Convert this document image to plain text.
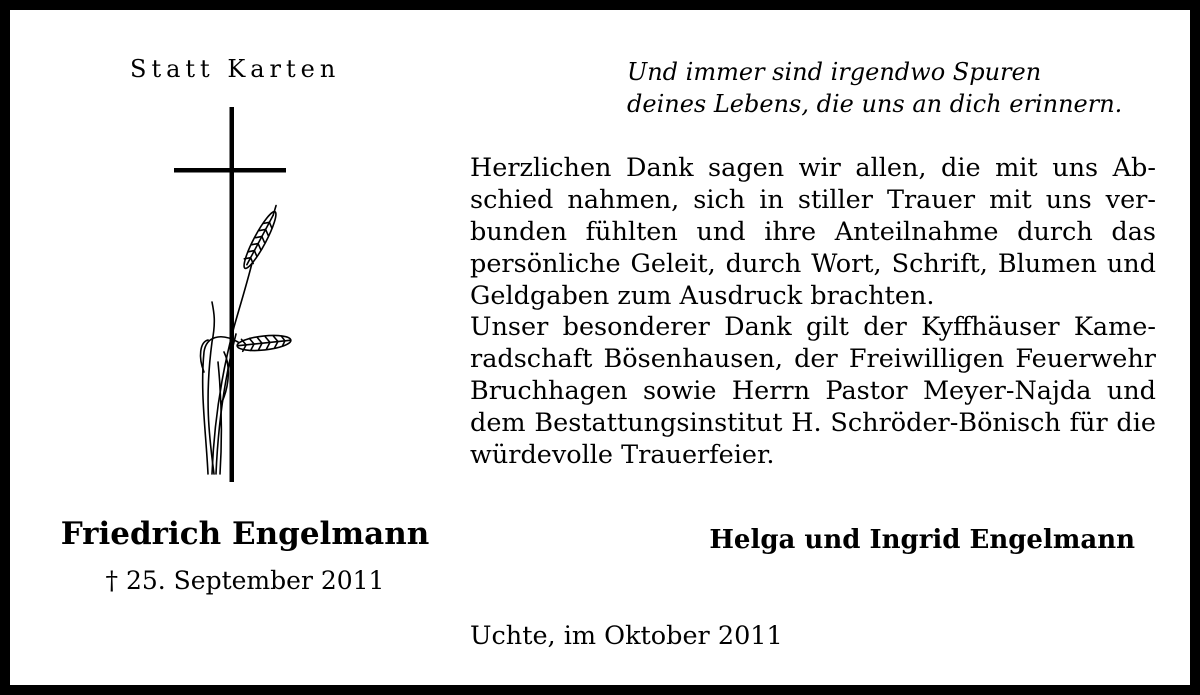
Statt Karten	Und immer sind irgendwo Spuren
deines Lebens, die uns an dich erinnern.
Herzlichen Dank sagen wir allen, die mit uns Ab-
schied nahmen, sich in stiller Trauer mit uns ver-
bunden fühlten und ihre Anteilnahme durch das
persönliche Geleit, durch Wort, Schrift, Blumen und
Geldgaben zum Ausdruck brachten.
Unser besonderer Dank gilt der Kyffhäuser Kame-
radschaft Bösenhausen, der Freiwilligen Feuerwehr
Bruchhagen sowie Herrn Pastor Meyer-Najda und
dem Bestattungsinstitut H. Schröder-Bönisch für die
würdevolle Trauerfeier.
Friedrich Engelmann
† 25. September 2011
Helga und Ingrid Engelmann
Uchte, im Oktober 2011
